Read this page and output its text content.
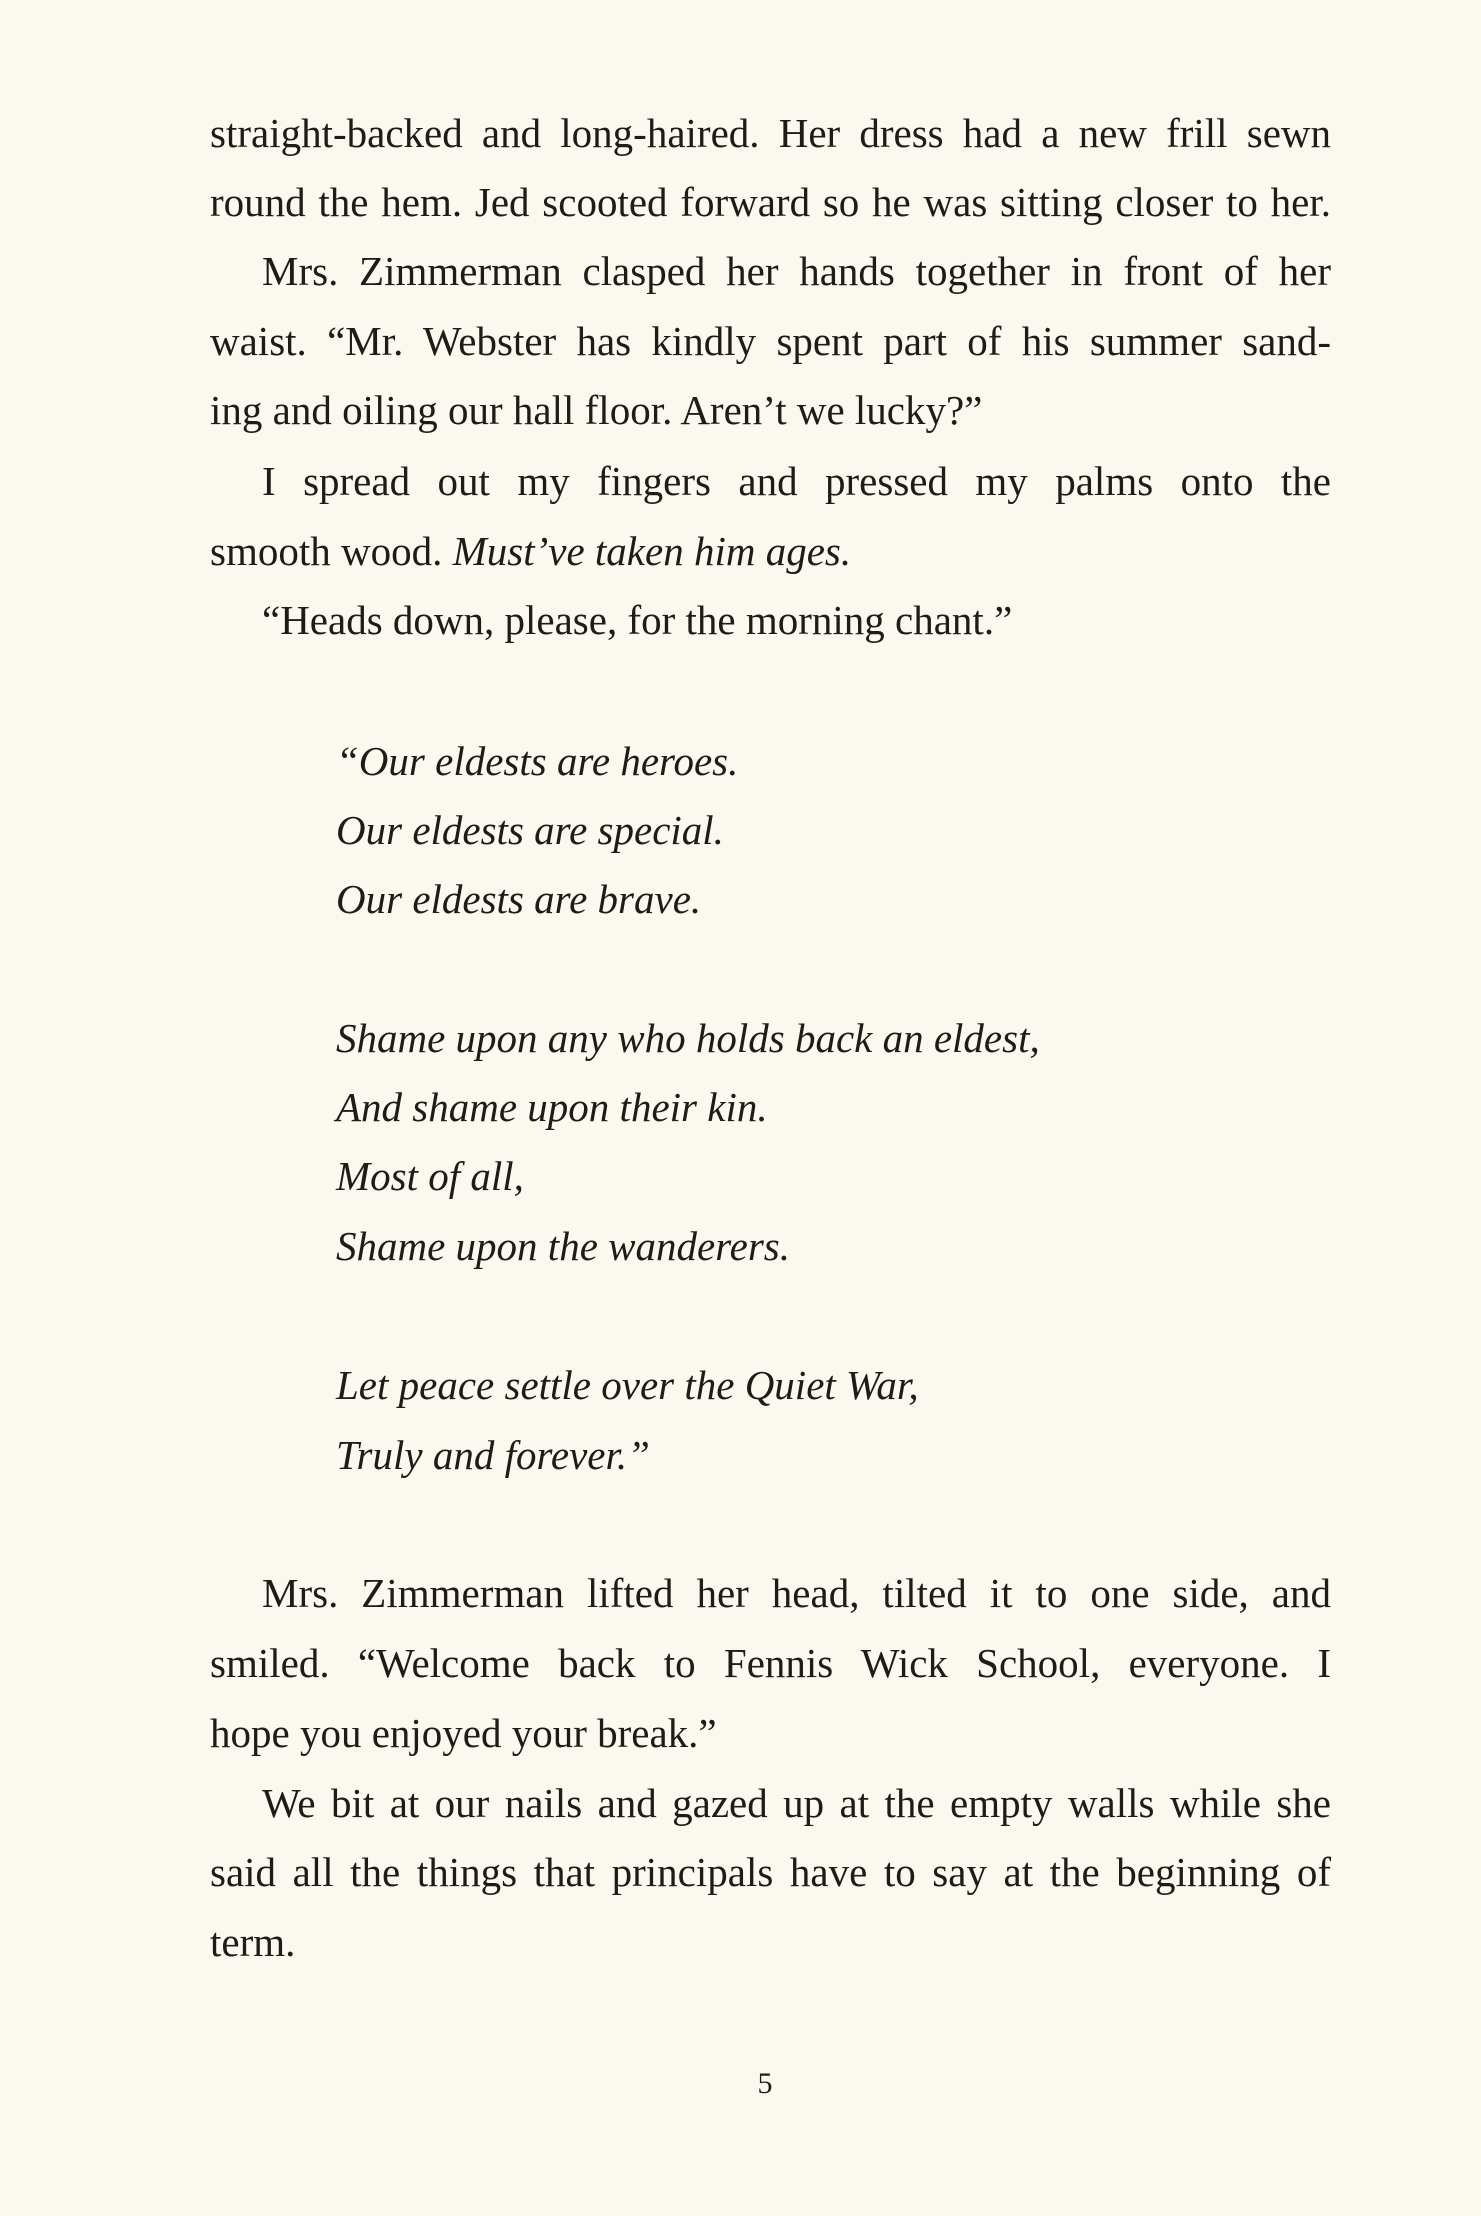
straight-backed and long-haired. Her dress had a new frill sewn

round the hem. Jed scooted forward so he was sitting closer to her.

Mrs. Zimmerman clasped her hands together in front of her

waist. “Mr. Webster has kindly spent part of his summer sand-

ing and oiling our hall floor. Aren’t we lucky?”

I spread out my fingers and pressed my palms onto the

smooth wood. Must’ve taken him ages.

“Heads down, please, for the morning chant.”

“Our eldests are heroes.

Our eldests are special.

Our eldests are brave.

Shame upon any who holds back an eldest,

And shame upon their kin.

Most of all,

Shame upon the wanderers.

Let peace settle over the Quiet War,

Truly and forever.”

Mrs. Zimmerman lifted her head, tilted it to one side, and

smiled. “Welcome back to Fennis Wick School, everyone. I

hope you enjoyed your break.”

We bit at our nails and gazed up at the empty walls while she

said all the things that principals have to say at the beginning of

term.

5
